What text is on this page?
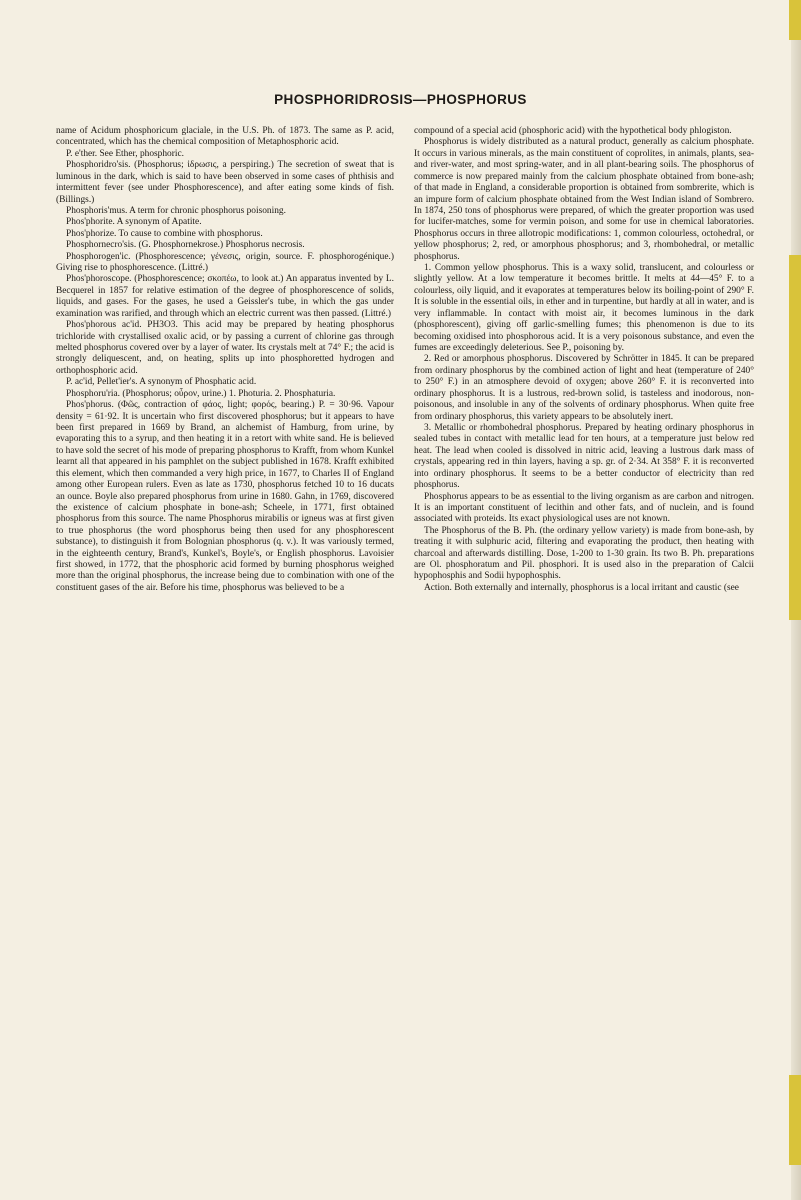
PHOSPHORIDROSIS—PHOSPHORUS

name of Acidum phosphoricum glaciale, in the U.S. Ph. of 1873. The same as P. acid, concentrated, which has the chemical composition of Metaphosphoric acid.

P. e'ther. See Ether, phosphoric.

Phosphoridro'sis. (Phosphorus; ἱδρωσις, a perspiring.) The secretion of sweat that is luminous in the dark, which is said to have been observed in some cases of phthisis and intermittent fever (see under Phosphorescence), and after eating some kinds of fish. (Billings.)

Phosphoris'mus. A term for chronic phosphorus poisoning.

Phos'phorite. A synonym of Apatite.

Phos'phorize. To cause to combine with phosphorus.

Phosphornecro'sis. (G. Phosphornekrose.) Phosphorus necrosis.

Phosphorogen'ic. (Phosphorescence; γένεσις, origin, source. F. phosphorogénique.) Giving rise to phosphorescence. (Littré.)

Phos'phoroscope. (Phosphorescence; σκοπέω, to look at.) An apparatus invented by L. Becquerel in 1857 for relative estimation of the degree of phosphorescence of solids, liquids, and gases. For the gases, he used a Geissler's tube, in which the gas under examination was rarified, and through which an electric current was then passed. (Littré.)

Phos'phorous ac'id. PH3O3. This acid may be prepared by heating phosphorus trichloride with crystallised oxalic acid, or by passing a current of chlorine gas through melted phosphorus covered over by a layer of water. Its crystals melt at 74° F.; the acid is strongly deliquescent, and, on heating, splits up into phosphoretted hydrogen and orthophosphoric acid.

P. ac'id, Pellet'ier's. A synonym of Phosphatic acid.

Phosphoru'ria. (Phosphorus; οὖρον, urine.) 1. Photuria. 2. Phosphaturia.

Phos'phorus. (Φῶς, contraction of φάος, light; φορός, bearing.) P. = 30·96. Vapour density = 61·92. It is uncertain who first discovered phosphorus; but it appears to have been first prepared in 1669 by Brand, an alchemist of Hamburg, from urine, by evaporating this to a syrup, and then heating it in a retort with white sand. He is believed to have sold the secret of his mode of preparing phosphorus to Krafft, from whom Kunkel learnt all that appeared in his pamphlet on the subject published in 1678. Krafft exhibited this element, which then commanded a very high price, in 1677, to Charles II of England among other European rulers. Even as late as 1730, phosphorus fetched 10 to 16 ducats an ounce. Boyle also prepared phosphorus from urine in 1680. Gahn, in 1769, discovered the existence of calcium phosphate in bone-ash; Scheele, in 1771, first obtained phosphorus from this source. The name Phosphorus mirabilis or igneus was at first given to true phosphorus (the word phosphorus being then used for any phosphorescent substance), to distinguish it from Bolognian phosphorus (q. v.). It was variously termed, in the eighteenth century, Brand's, Kunkel's, Boyle's, or English phosphorus. Lavoisier first showed, in 1772, that the phosphoric acid formed by burning phosphorus weighed more than the original phosphorus, the increase being due to combination with one of the constituent gases of the air. Before his time, phosphorus was believed to be a

compound of a special acid (phosphoric acid) with the hypothetical body phlogiston.

Phosphorus is widely distributed as a natural product, generally as calcium phosphate. It occurs in various minerals, as the main constituent of coprolites, in animals, plants, sea- and river-water, and most spring-water, and in all plant-bearing soils. The phosphorus of commerce is now prepared mainly from the calcium phosphate obtained from bone-ash; of that made in England, a considerable proportion is obtained from sombrerite, which is an impure form of calcium phosphate obtained from the West Indian island of Sombrero. In 1874, 250 tons of phosphorus were prepared, of which the greater proportion was used for lucifer-matches, some for vermin poison, and some for use in chemical laboratories. Phosphorus occurs in three allotropic modifications: 1, common colourless, octohedral, or yellow phosphorus; 2, red, or amorphous phosphorus; and 3, rhombohedral, or metallic phosphorus.

1. Common yellow phosphorus. This is a waxy solid, translucent, and colourless or slightly yellow. At a low temperature it becomes brittle. It melts at 44—45° F. to a colourless, oily liquid, and it evaporates at temperatures below its boiling-point of 290° F. It is soluble in the essential oils, in ether and in turpentine, but hardly at all in water, and is very inflammable. In contact with moist air, it becomes luminous in the dark (phosphorescent), giving off garlic-smelling fumes; this phenomenon is due to its becoming oxidised into phosphorous acid. It is a very poisonous substance, and even the fumes are exceedingly deleterious. See P., poisoning by.

2. Red or amorphous phosphorus. Discovered by Schrötter in 1845. It can be prepared from ordinary phosphorus by the combined action of light and heat (temperature of 240° to 250° F.) in an atmosphere devoid of oxygen; above 260° F. it is reconverted into ordinary phosphorus. It is a lustrous, red-brown solid, is tasteless and inodorous, non-poisonous, and insoluble in any of the solvents of ordinary phosphorus. When quite free from ordinary phosphorus, this variety appears to be absolutely inert.

3. Metallic or rhombohedral phosphorus. Prepared by heating ordinary phosphorus in sealed tubes in contact with metallic lead for ten hours, at a temperature just below red heat. The lead when cooled is dissolved in nitric acid, leaving a lustrous dark mass of crystals, appearing red in thin layers, having a sp. gr. of 2·34. At 358° F. it is reconverted into ordinary phosphorus. It seems to be a better conductor of electricity than red phosphorus.

Phosphorus appears to be as essential to the living organism as are carbon and nitrogen. It is an important constituent of lecithin and other fats, and of nuclein, and is found associated with proteids. Its exact physiological uses are not known.

The Phosphorus of the B. Ph. (the ordinary yellow variety) is made from bone-ash, by treating it with sulphuric acid, filtering and evaporating the product, then heating with charcoal and afterwards distilling. Dose, 1-200 to 1-30 grain. Its two B. Ph. preparations are Ol. phosphoratum and Pil. phosphori. It is used also in the preparation of Calcii hypophosphis and Sodii hypophosphis.

Action. Both externally and internally, phosphorus is a local irritant and caustic (see
